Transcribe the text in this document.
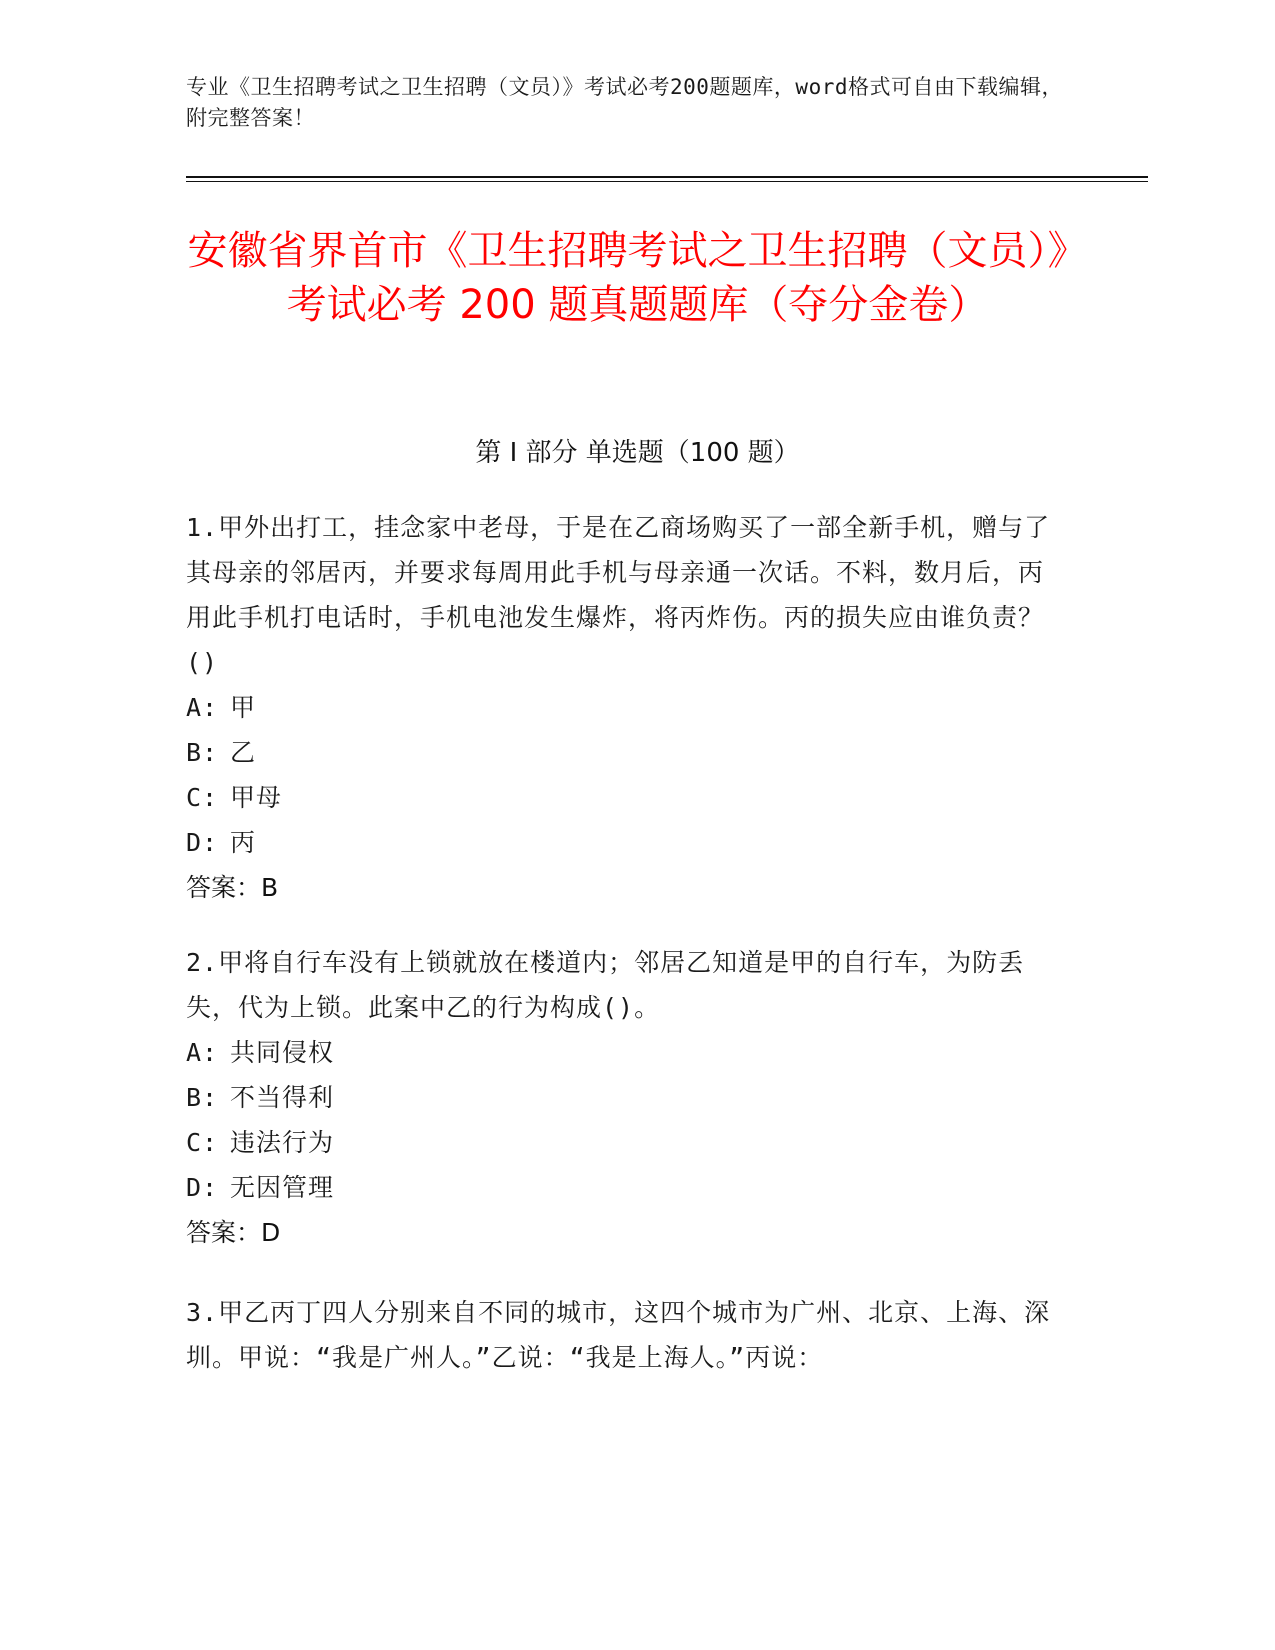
专业《卫生招聘考试之卫生招聘（文员）》考试必考200题题库，word格式可自由下载编辑，附完整答案！
安徽省界首市《卫生招聘考试之卫生招聘（文员）》考试必考 200 题真题题库（夺分金卷）
第 I 部分 单选题（100 题）
1.甲外出打工，挂念家中老母，于是在乙商场购买了一部全新手机，赠与了其母亲的邻居丙，并要求每周用此手机与母亲通一次话。不料，数月后，丙用此手机打电话时，手机电池发生爆炸，将丙炸伤。丙的损失应由谁负责？()
A: 甲
B: 乙
C: 甲母
D: 丙
答案：B
2.甲将自行车没有上锁就放在楼道内；邻居乙知道是甲的自行车，为防丢失，代为上锁。此案中乙的行为构成()。
A: 共同侵权
B: 不当得利
C: 违法行为
D: 无因管理
答案：D
3.甲乙丙丁四人分别来自不同的城市，这四个城市为广州、北京、上海、深圳。甲说：“我是广州人。”乙说：“我是上海人。”丙说：
